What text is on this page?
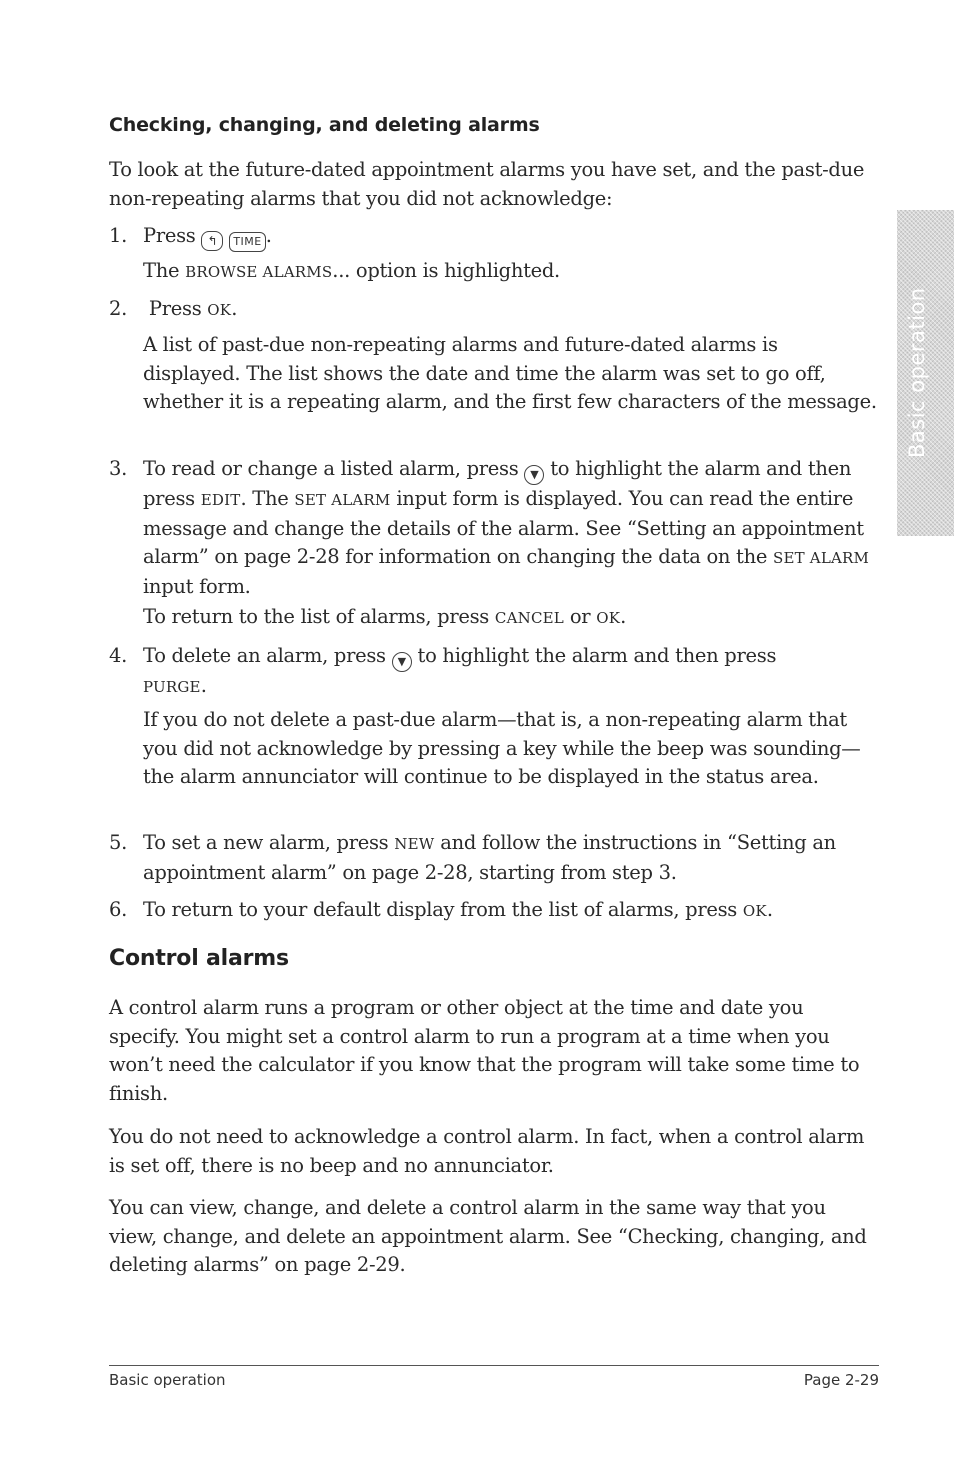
Checking, changing, and deleting alarms

To look at the future-dated appointment alarms you have set, and the past-due non-repeating alarms that you did not acknowledge:

1. Press ↰ TIME .

The BROWSE ALARMS... option is highlighted.

2. Press OK.

A list of past-due non-repeating alarms and future-dated alarms is displayed. The list shows the date and time the alarm was set to go off, whether it is a repeating alarm, and the first few characters of the message.

3. To read or change a listed alarm, press ▼ to highlight the alarm and then press EDIT. The SET ALARM input form is displayed. You can read the entire message and change the details of the alarm. See “Setting an appointment alarm” on page 2-28 for information on changing the data on the SET ALARM input form.

To return to the list of alarms, press CANCEL or OK.

4. To delete an alarm, press ▼ to highlight the alarm and then press
PURGE.

If you do not delete a past-due alarm—that is, a non-repeating alarm that you did not acknowledge by pressing a key while the beep was sounding—the alarm annunciator will continue to be displayed in the status area.

5. To set a new alarm, press NEW and follow the instructions in “Setting an appointment alarm” on page 2-28, starting from step 3.
6. To return to your default display from the list of alarms, press OK.
Control alarms

A control alarm runs a program or other object at the time and date you specify. You might set a control alarm to run a program at a time when you won’t need the calculator if you know that the program will take some time to finish.

You do not need to acknowledge a control alarm. In fact, when a control alarm is set off, there is no beep and no annunciator.

You can view, change, and delete a control alarm in the same way that you view, change, and delete an appointment alarm. See “Checking, changing, and deleting alarms” on page 2-29.

Basic operation
Basic operation	Page 2-29
